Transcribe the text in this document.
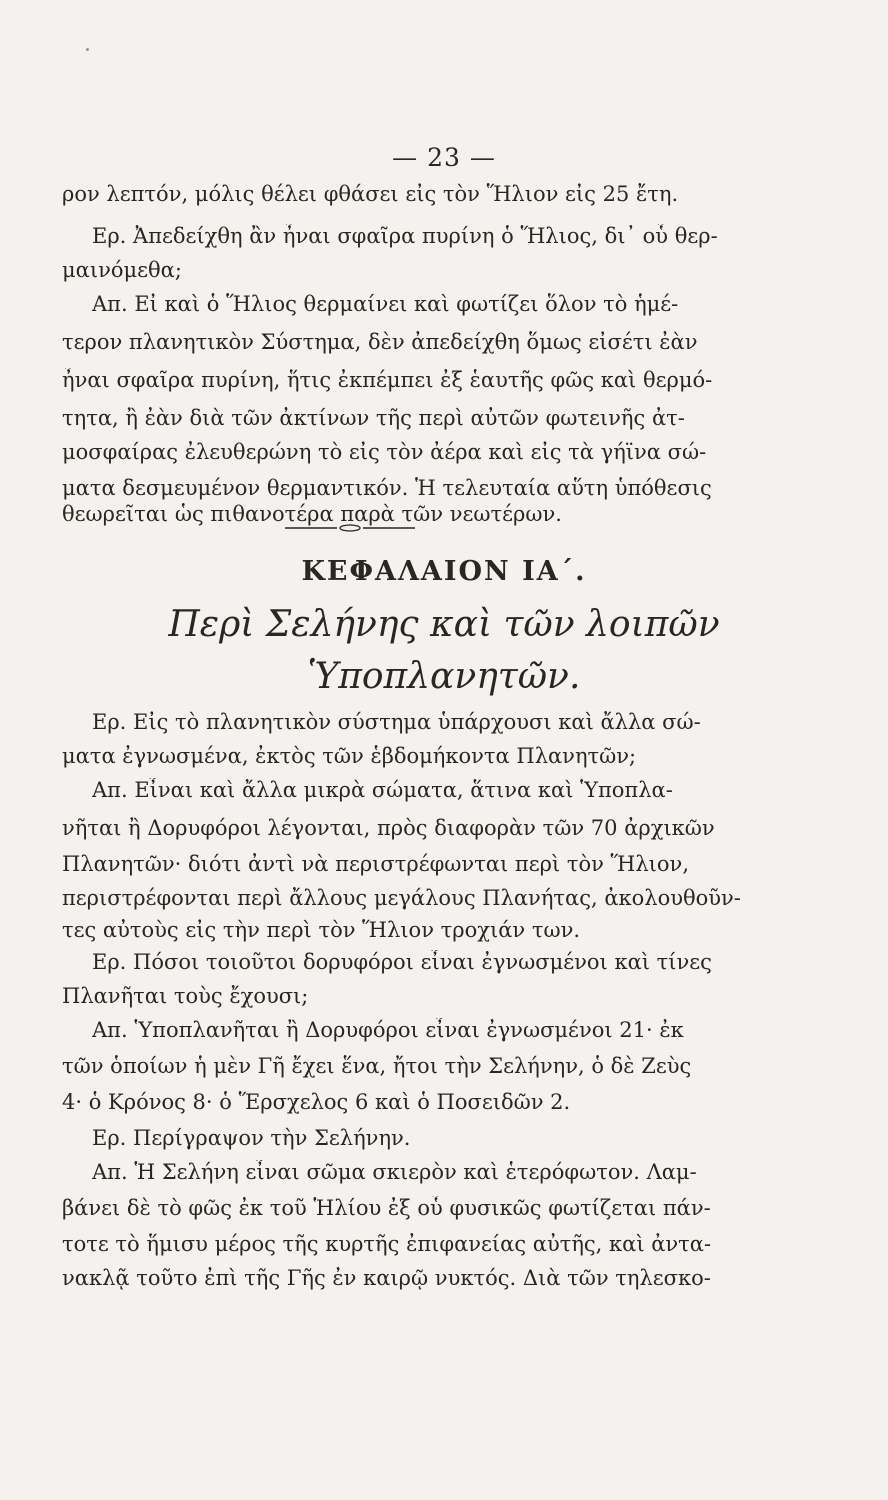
— 23 —
ρον λεπτόν, μόλις θέλει φθάσει εἰς τὸν Ἥλιον εἰς 25 ἔτη.
Ερ. Ἀπεδείχθη ἂν ἦναι σφαῖρα πυρίνη ὁ Ἥλιος, δι᾽ οὗ θερ-
μαινόμεθα;
Απ. Εἰ καὶ ὁ Ἥλιος θερμαίνει καὶ φωτίζει ὅλον τὸ ἡμέ-
τερον πλανητικὸν Σύστημα, δὲν ἀπεδείχθη ὅμως εἰσέτι ἐὰν
ἦναι σφαῖρα πυρίνη, ἥτις ἐκπέμπει ἐξ ἑαυτῆς φῶς καὶ θερμό-
τητα, ἢ ἐὰν διὰ τῶν ἀκτίνων τῆς περὶ αὐτῶν φωτεινῆς ἀτ-
μοσφαίρας ἐλευθερώνη τὸ εἰς τὸν ἀέρα καὶ εἰς τὰ γήϊνα σώ-
ματα δεσμευμένον θερμαντικόν. Ἡ τελευταία αὕτη ὑπόθεσις
θεωρεῖται ὡς πιθανοτέρα παρὰ τῶν νεωτέρων.
ΚΕΦΑΛΑΙΟΝ ΙΑ΄.
Περὶ Σελήνης καὶ τῶν λοιπῶν
Ὑποπλανητῶν.
Ερ. Εἰς τὸ πλανητικὸν σύστημα ὑπάρχουσι καὶ ἄλλα σώ-
ματα ἐγνωσμένα, ἐκτὸς τῶν ἑβδομήκοντα Πλανητῶν;
Απ. Εἶναι καὶ ἄλλα μικρὰ σώματα, ἅτινα καὶ Ὑποπλα-
νῆται ἢ Δορυφόροι λέγονται, πρὸς διαφορὰν τῶν 70 ἀρχικῶν
Πλανητῶν· διότι ἀντὶ νὰ περιστρέφωνται περὶ τὸν Ἥλιον,
περιστρέφονται περὶ ἄλλους μεγάλους Πλανήτας, ἀκολουθοῦν-
τες αὐτοὺς εἰς τὴν περὶ τὸν Ἥλιον τροχιάν των.
Ερ. Πόσοι τοιοῦτοι δορυφόροι εἶναι ἐγνωσμένοι καὶ τίνες
Πλανῆται τοὺς ἔχουσι;
Απ. Ὑποπλανῆται ἢ Δορυφόροι εἶναι ἐγνωσμένοι 21· ἐκ
τῶν ὁποίων ἡ μὲν Γῆ ἔχει ἕνα, ἤτοι τὴν Σελήνην, ὁ δὲ Ζεὺς
4· ὁ Κρόνος 8· ὁ Ἕρσχελος 6 καὶ ὁ Ποσειδῶν 2.
Ερ. Περίγραψον τὴν Σελήνην.
Απ. Ἡ Σελήνη εἶναι σῶμα σκιερὸν καὶ ἑτερόφωτον. Λαμ-
βάνει δὲ τὸ φῶς ἐκ τοῦ Ἡλίου ἐξ οὗ φυσικῶς φωτίζεται πάν-
τοτε τὸ ἥμισυ μέρος τῆς κυρτῆς ἐπιφανείας αὐτῆς, καὶ ἀντα-
νακλᾷ τοῦτο ἐπὶ τῆς Γῆς ἐν καιρῷ νυκτός. Διὰ τῶν τηλεσκο-
